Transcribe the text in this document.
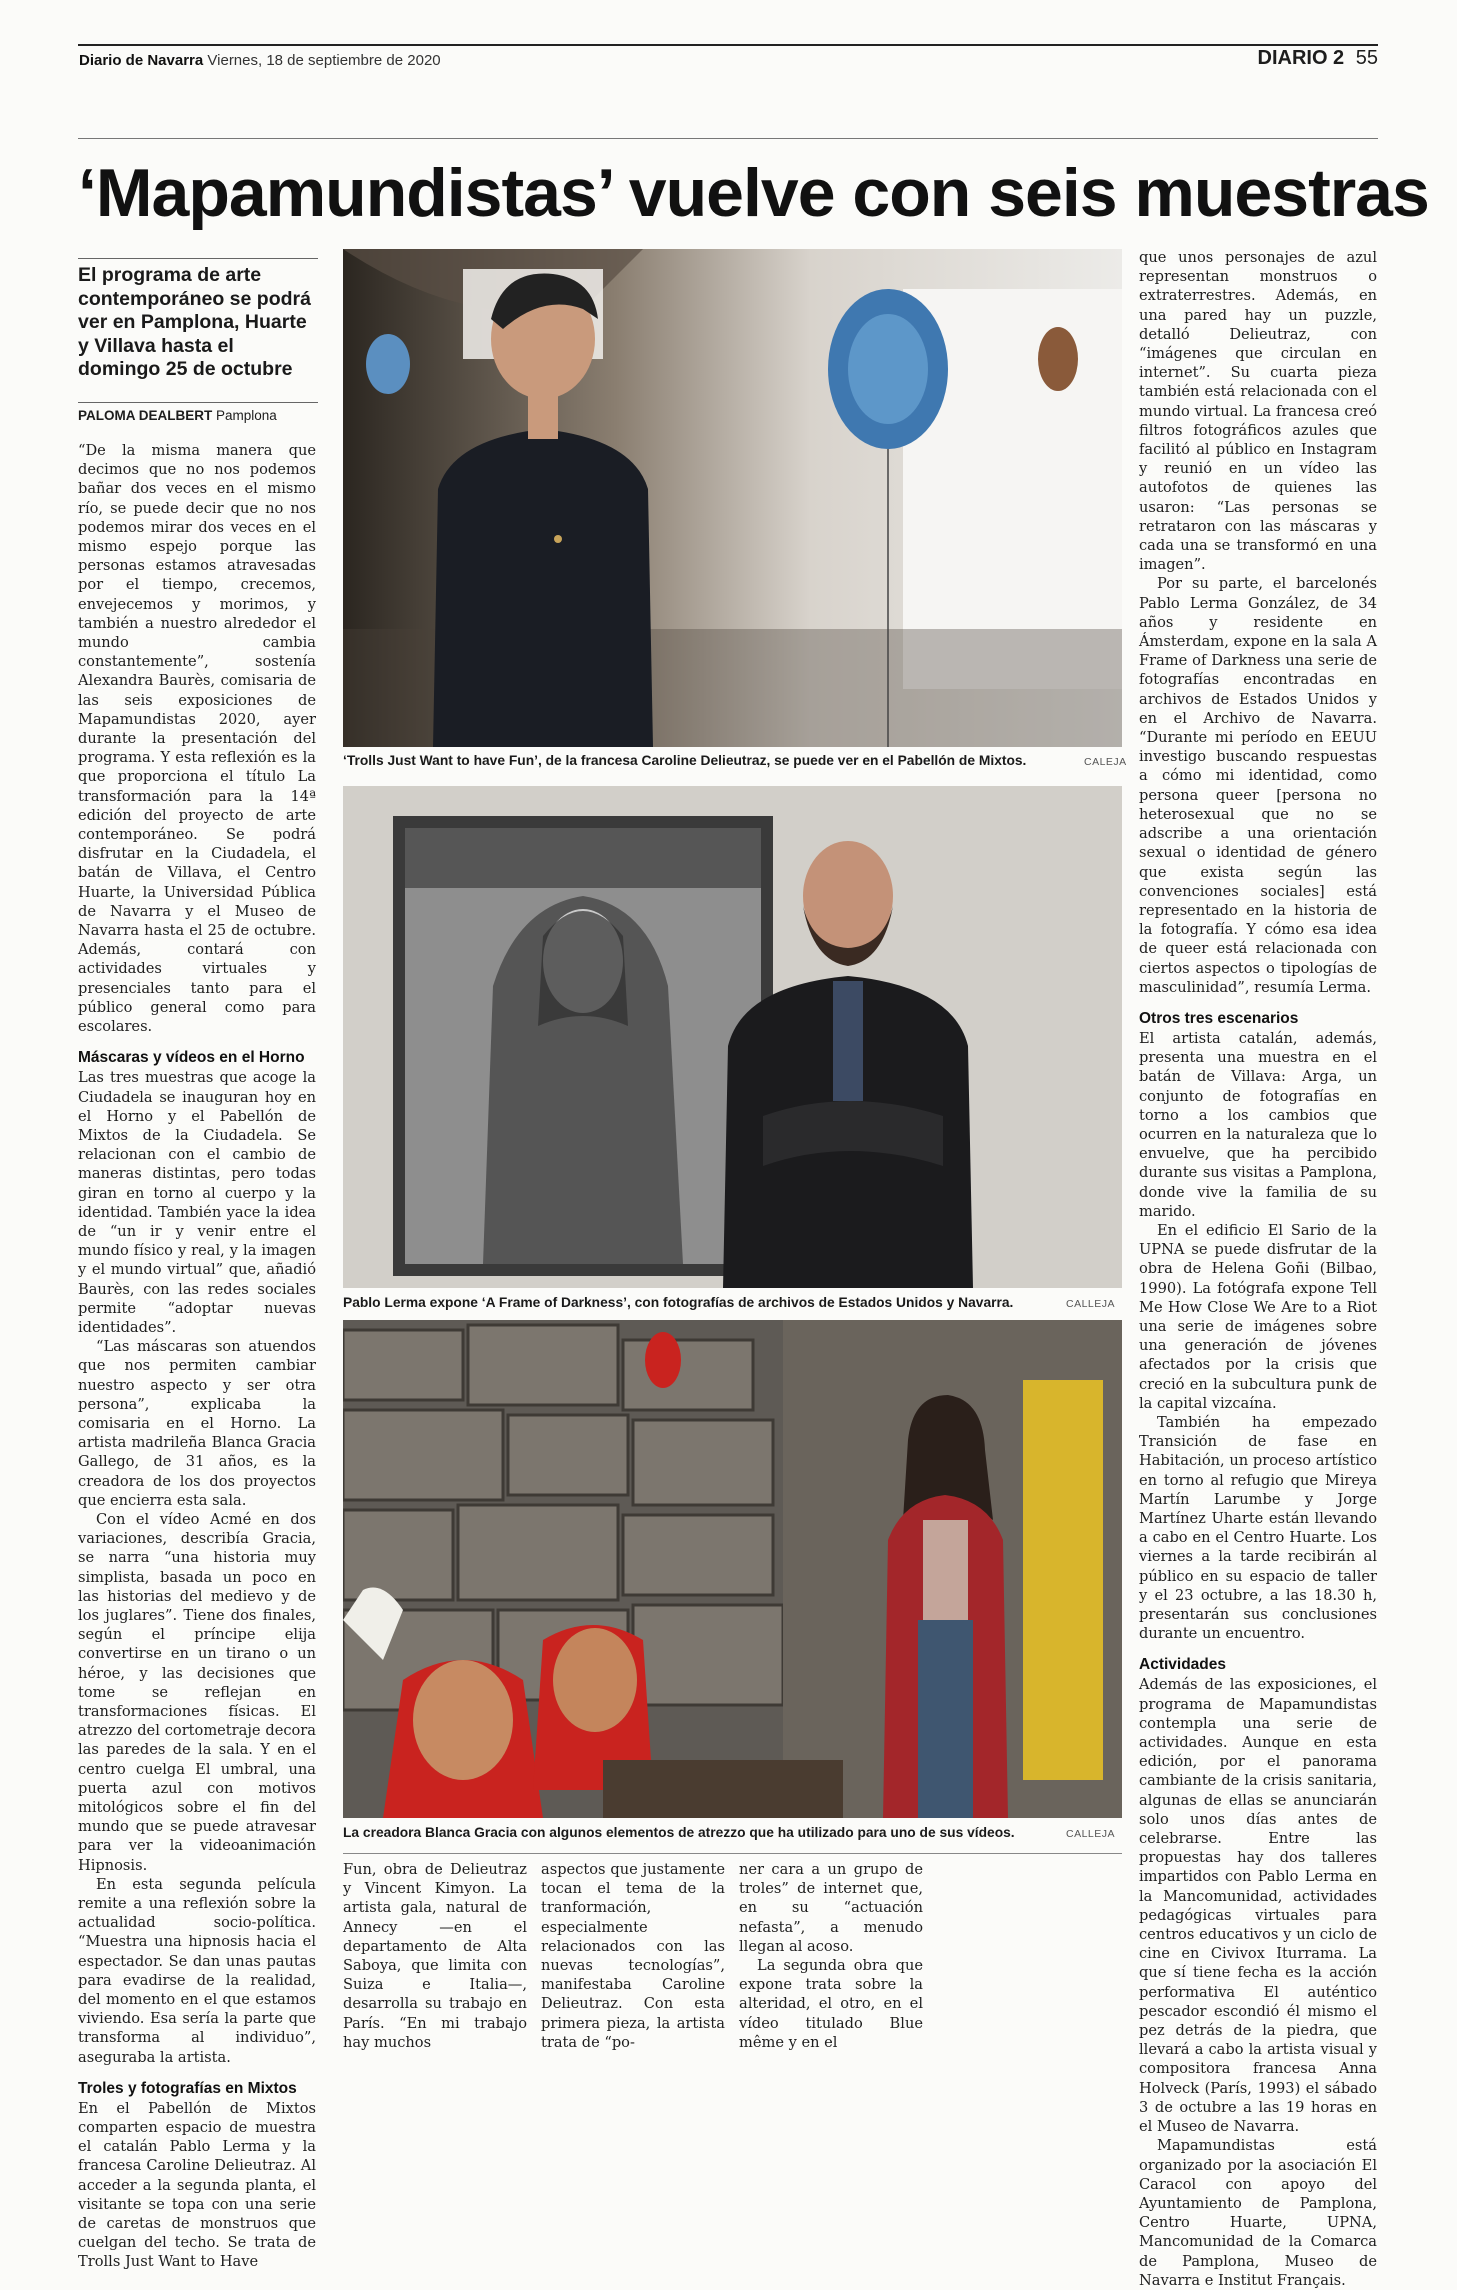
Diario de Navarra Viernes, 18 de septiembre de 2020	DIARIO 2 55
‘Mapamundistas’ vuelve con seis muestras

El programa de arte contemporáneo se podrá ver en Pamplona, Huarte y Villava hasta el domingo 25 de octubre

PALOMA DEALBERT Pamplona

“De la misma manera que decimos que no nos podemos bañar dos veces en el mismo río, se puede decir que no nos podemos mirar dos veces en el mismo espejo porque las personas estamos atravesadas por el tiempo, crecemos, envejecemos y morimos, y también a nuestro alrededor el mundo cambia constantemente”, sostenía Alexandra Baurès, comisaria de las seis exposiciones de Mapamundistas 2020, ayer durante la presentación del programa. Y esta reflexión es la que proporciona el título La transformación para la 14ª edición del proyecto de arte contemporáneo. Se podrá disfrutar en la Ciudadela, el batán de Villava, el Centro Huarte, la Universidad Pública de Navarra y el Museo de Navarra hasta el 25 de octubre. Además, contará con actividades virtuales y presenciales tanto para el público general como para escolares.

Máscaras y vídeos en el Horno

Las tres muestras que acoge la Ciudadela se inauguran hoy en el Horno y el Pabellón de Mixtos de la Ciudadela. Se relacionan con el cambio de maneras distintas, pero todas giran en torno al cuerpo y la identidad. También yace la idea de “un ir y venir entre el mundo físico y real, y la imagen y el mundo virtual” que, añadió Baurès, con las redes sociales permite “adoptar nuevas identidades”.

“Las máscaras son atuendos que nos permiten cambiar nuestro aspecto y ser otra persona”, explicaba la comisaria en el Horno. La artista madrileña Blanca Gracia Gallego, de 31 años, es la creadora de los dos proyectos que encierra esta sala.

Con el vídeo Acmé en dos variaciones, describía Gracia, se narra “una historia muy simplista, basada un poco en las historias del medievo y de los juglares”. Tiene dos finales, según el príncipe elija convertirse en un tirano o un héroe, y las decisiones que tome se reflejan en transformaciones físicas. El atrezzo del cortometraje decora las paredes de la sala. Y en el centro cuelga El umbral, una puerta azul con motivos mitológicos sobre el fin del mundo que se puede atravesar para ver la videoanimación Hipnosis.

En esta segunda película remite a una reflexión sobre la actualidad socio-política. “Muestra una hipnosis hacia el espectador. Se dan unas pautas para evadirse de la realidad, del momento en el que estamos viviendo. Esa sería la parte que transforma al individuo”, aseguraba la artista.

Troles y fotografías en Mixtos

En el Pabellón de Mixtos comparten espacio de muestra el catalán Pablo Lerma y la francesa Caroline Delieutraz. Al acceder a la segunda planta, el visitante se topa con una serie de caretas de monstruos que cuelgan del techo. Se trata de Trolls Just Want to Have

‘Trolls Just Want to have Fun’, de la francesa Caroline Delieutraz, se puede ver en el Pabellón de Mixtos.	CALEJA
Pablo Lerma expone ‘A Frame of Darkness’, con fotografías de archivos de Estados Unidos y Navarra.	CALLEJA
La creadora Blanca Gracia con algunos elementos de atrezzo que ha utilizado para uno de sus vídeos.	CALLEJA

Fun, obra de Delieutraz y Vincent Kimyon. La artista gala, natural de Annecy —en el departamento de Alta Saboya, que limita con Suiza e Italia—, desarrolla su trabajo en París. “En mi trabajo hay muchos

aspectos que justamente tocan el tema de la tranformación, especialmente relacionados con las nuevas tecnologías”, manifestaba Caroline Delieutraz. Con esta primera pieza, la artista trata de “po-

ner cara a un grupo de troles” de internet que, en su “actuación nefasta”, a menudo llegan al acoso.

La segunda obra que expone trata sobre la alteridad, el otro, en el vídeo titulado Blue même y en el

que unos personajes de azul representan monstruos o extraterrestres. Además, en una pared hay un puzzle, detalló Delieutraz, con “imágenes que circulan en internet”. Su cuarta pieza también está relacionada con el mundo virtual. La francesa creó filtros fotográficos azules que facilitó al público en Instagram y reunió en un vídeo las autofotos de quienes las usaron: “Las personas se retrataron con las máscaras y cada una se transformó en una imagen”.

Por su parte, el barcelonés Pablo Lerma González, de 34 años y residente en Ámsterdam, expone en la sala A Frame of Darkness una serie de fotografías encontradas en archivos de Estados Unidos y en el Archivo de Navarra. “Durante mi período en EEUU investigo buscando respuestas a cómo mi identidad, como persona queer [persona no heterosexual que no se adscribe a una orientación sexual o identidad de género que exista según las convenciones sociales] está representado en la historia de la fotografía. Y cómo esa idea de queer está relacionada con ciertos aspectos o tipologías de masculinidad”, resumía Lerma.

Otros tres escenarios

El artista catalán, además, presenta una muestra en el batán de Villava: Arga, un conjunto de fotografías en torno a los cambios que ocurren en la naturaleza que lo envuelve, que ha percibido durante sus visitas a Pamplona, donde vive la familia de su marido.

En el edificio El Sario de la UPNA se puede disfrutar de la obra de Helena Goñi (Bilbao, 1990). La fotógrafa expone Tell Me How Close We Are to a Riot una serie de imágenes sobre una generación de jóvenes afectados por la crisis que creció en la subcultura punk de la capital vizcaína.

También ha empezado Transición de fase en Habitación, un proceso artístico en torno al refugio que Mireya Martín Larumbe y Jorge Martínez Uharte están llevando a cabo en el Centro Huarte. Los viernes a la tarde recibirán al público en su espacio de taller y el 23 octubre, a las 18.30 h, presentarán sus conclusiones durante un encuentro.

Actividades

Además de las exposiciones, el programa de Mapamundistas contempla una serie de actividades. Aunque en esta edición, por el panorama cambiante de la crisis sanitaria, algunas de ellas se anunciarán solo unos días antes de celebrarse. Entre las propuestas hay dos talleres impartidos con Pablo Lerma en la Mancomunidad, actividades pedagógicas virtuales para centros educativos y un ciclo de cine en Civivox Iturrama. La que sí tiene fecha es la acción performativa El auténtico pescador escondió él mismo el pez detrás de la piedra, que llevará a cabo la artista visual y compositora francesa Anna Holveck (París, 1993) el sábado 3 de octubre a las 19 horas en el Museo de Navarra.

Mapamundistas está organizado por la asociación El Caracol con apoyo del Ayuntamiento de Pamplona, Centro Huarte, UPNA, Mancomunidad de la Comarca de Pamplona, Museo de Navarra e Institut Français.
